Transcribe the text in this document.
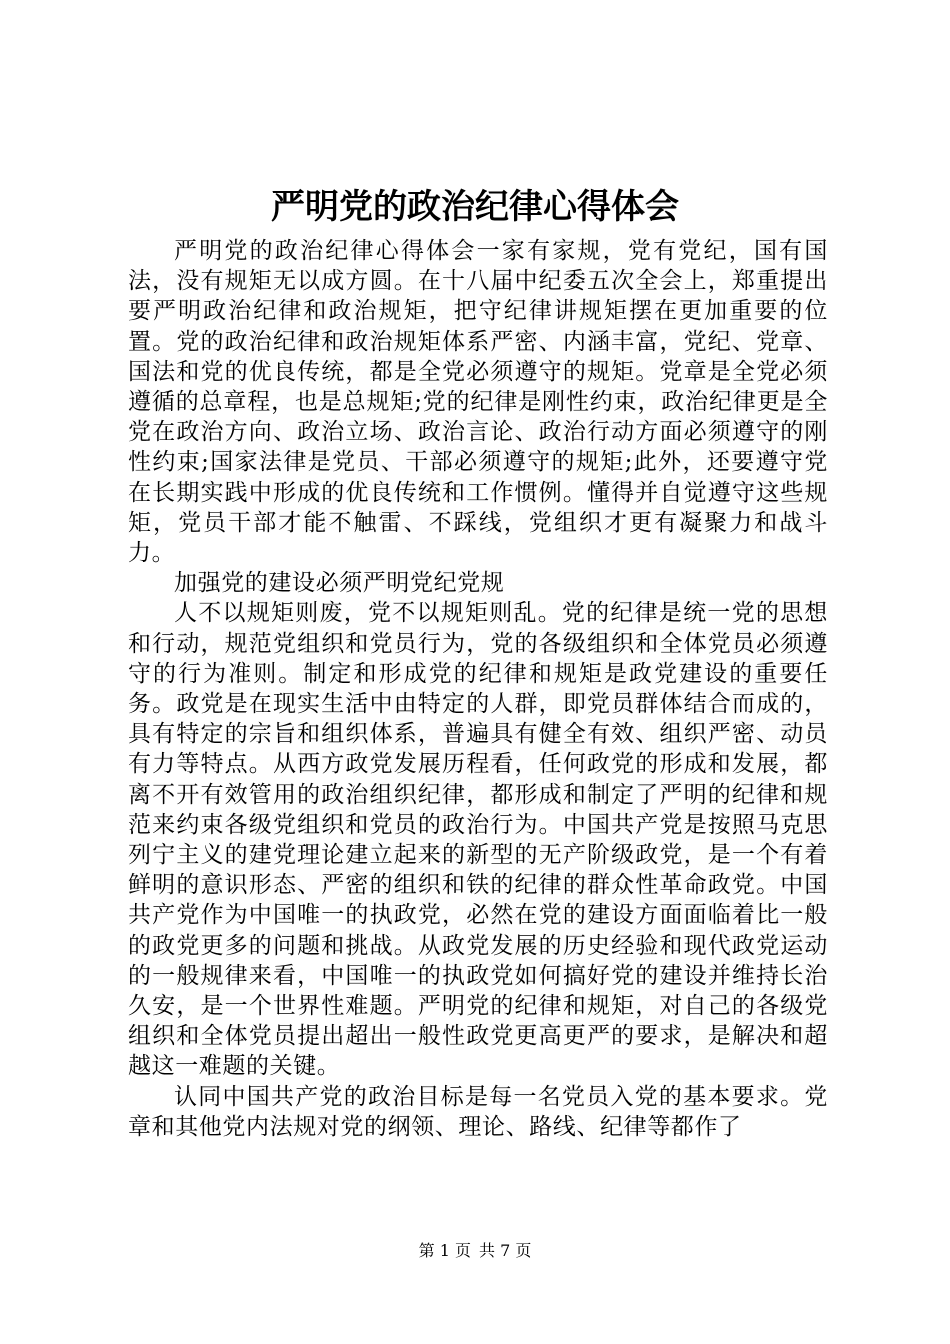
严明党的政治纪律心得体会

严明党的政治纪律心得体会一家有家规，党有党纪，国有国法，没有规矩无以成方圆。在十八届中纪委五次全会上，郑重提出要严明政治纪律和政治规矩，把守纪律讲规矩摆在更加重要的位置。党的政治纪律和政治规矩体系严密、内涵丰富，党纪、党章、国法和党的优良传统，都是全党必须遵守的规矩。党章是全党必须遵循的总章程，也是总规矩;党的纪律是刚性约束，政治纪律更是全党在政治方向、政治立场、政治言论、政治行动方面必须遵守的刚性约束;国家法律是党员、干部必须遵守的规矩;此外，还要遵守党在长期实践中形成的优良传统和工作惯例。懂得并自觉遵守这些规矩，党员干部才能不触雷、不踩线，党组织才更有凝聚力和战斗力。

加强党的建设必须严明党纪党规

人不以规矩则废，党不以规矩则乱。党的纪律是统一党的思想和行动，规范党组织和党员行为，党的各级组织和全体党员必须遵守的行为准则。制定和形成党的纪律和规矩是政党建设的重要任务。政党是在现实生活中由特定的人群，即党员群体结合而成的，具有特定的宗旨和组织体系，普遍具有健全有效、组织严密、动员有力等特点。从西方政党发展历程看，任何政党的形成和发展，都离不开有效管用的政治组织纪律，都形成和制定了严明的纪律和规范来约束各级党组织和党员的政治行为。中国共产党是按照马克思列宁主义的建党理论建立起来的新型的无产阶级政党，是一个有着鲜明的意识形态、严密的组织和铁的纪律的群众性革命政党。中国共产党作为中国唯一的执政党，必然在党的建设方面面临着比一般的政党更多的问题和挑战。从政党发展的历史经验和现代政党运动的一般规律来看，中国唯一的执政党如何搞好党的建设并维持长治久安，是一个世界性难题。严明党的纪律和规矩，对自己的各级党组织和全体党员提出超出一般性政党更高更严的要求，是解决和超越这一难题的关键。

认同中国共产党的政治目标是每一名党员入党的基本要求。党章和其他党内法规对党的纲领、理论、路线、纪律等都作了

第 1 页 共 7 页
